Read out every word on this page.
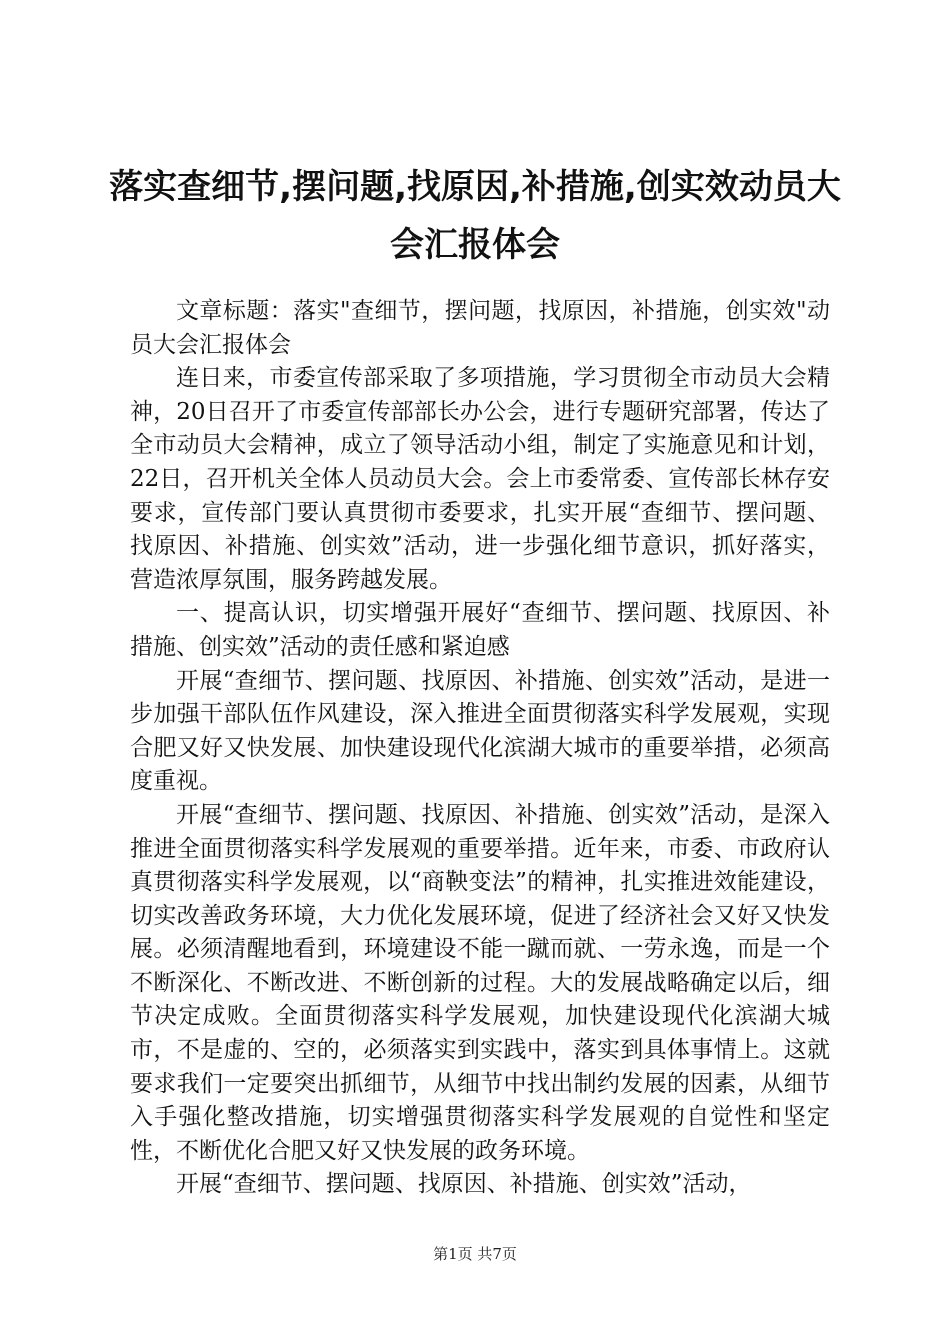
落实查细节,摆问题,找原因,补措施,创实效动员大会汇报体会

文章标题：落实"查细节，摆问题，找原因，补措施，创实效"动员大会汇报体会

连日来，市委宣传部采取了多项措施，学习贯彻全市动员大会精神，20日召开了市委宣传部部长办公会，进行专题研究部署，传达了全市动员大会精神，成立了领导活动小组，制定了实施意见和计划，22日，召开机关全体人员动员大会。会上市委常委、宣传部长林存安要求，宣传部门要认真贯彻市委要求，扎实开展“查细节、摆问题、找原因、补措施、创实效”活动，进一步强化细节意识，抓好落实，营造浓厚氛围，服务跨越发展。

一、提高认识，切实增强开展好“查细节、摆问题、找原因、补措施、创实效”活动的责任感和紧迫感

开展“查细节、摆问题、找原因、补措施、创实效”活动，是进一步加强干部队伍作风建设，深入推进全面贯彻落实科学发展观，实现合肥又好又快发展、加快建设现代化滨湖大城市的重要举措，必须高度重视。

开展“查细节、摆问题、找原因、补措施、创实效”活动，是深入推进全面贯彻落实科学发展观的重要举措。近年来，市委、市政府认真贯彻落实科学发展观，以“商鞅变法”的精神，扎实推进效能建设，切实改善政务环境，大力优化发展环境，促进了经济社会又好又快发展。必须清醒地看到，环境建设不能一蹴而就、一劳永逸，而是一个不断深化、不断改进、不断创新的过程。大的发展战略确定以后，细节决定成败。全面贯彻落实科学发展观，加快建设现代化滨湖大城市，不是虚的、空的，必须落实到实践中，落实到具体事情上。这就要求我们一定要突出抓细节，从细节中找出制约发展的因素，从细节入手强化整改措施，切实增强贯彻落实科学发展观的自觉性和坚定性，不断优化合肥又好又快发展的政务环境。

开展“查细节、摆问题、找原因、补措施、创实效”活动，

第1页 共7页
